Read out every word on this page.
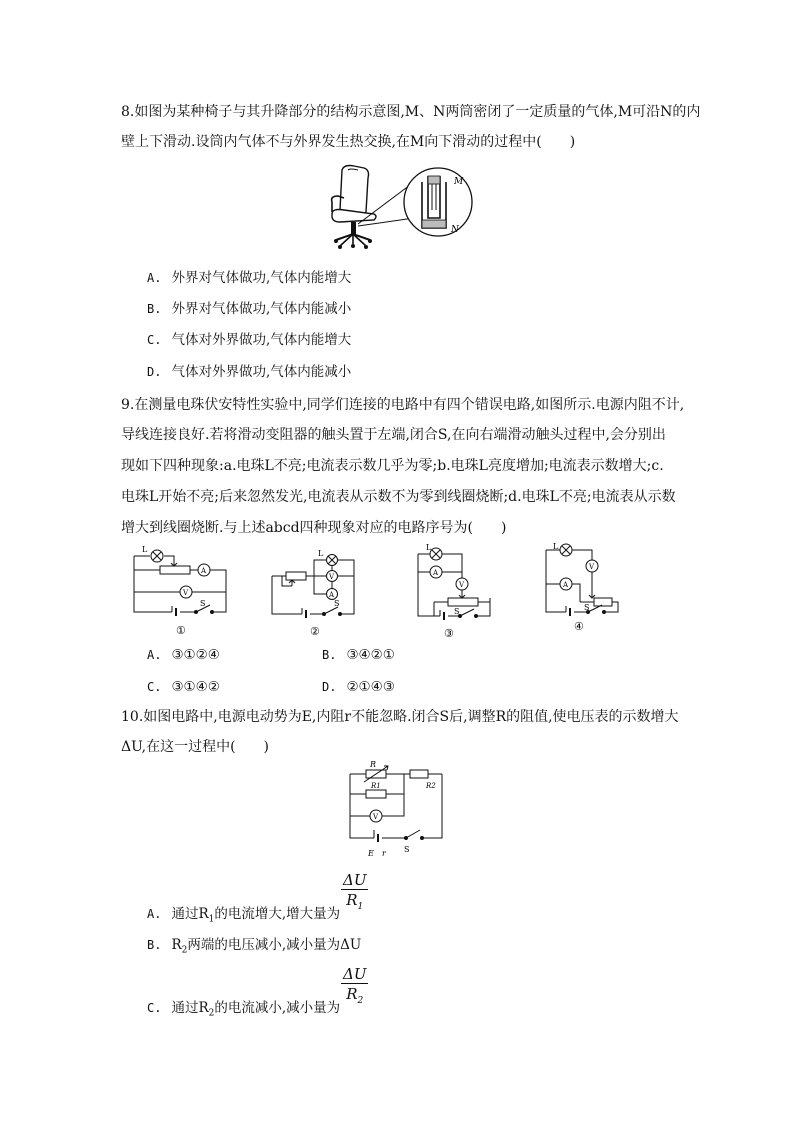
8.如图为某种椅子与其升降部分的结构示意图,M、N两筒密闭了一定质量的气体,M可沿N的内
壁上下滑动.设筒内气体不与外界发生热交换,在M向下滑动的过程中(　　)
M
N
A. 外界对气体做功,气体内能增大
B. 外界对气体做功,气体内能减小
C. 气体对外界做功,气体内能增大
D. 气体对外界做功,气体内能减小
9.在测量电珠伏安特性实验中,同学们连接的电路中有四个错误电路,如图所示.电源内阻不计,
导线连接良好.若将滑动变阻器的触头置于左端,闭合S,在向右端滑动触头过程中,会分别出
现如下四种现象:a.电珠L不亮;电流表示数几乎为零;b.电珠L亮度增加;电流表示数增大;c.
电珠L开始不亮;后来忽然发光,电流表从示数不为零到线圈烧断;d.电珠L不亮;电流表从示数
增大到线圈烧断.与上述abcd四种现象对应的电路序号为(　　)
L
A
V
S
①
L
V
A
S
②
L
A
V
S
③
L
A
V
S
④
A. ③①②④	B. ③④②①
C. ③①④②	D. ②①④③
10.如图电路中,电源电动势为E,内阻r不能忽略.闭合S后,调整R的阻值,使电压表的示数增大
ΔU,在这一过程中(　　)
R
R1	R2
V
E r S
$\frac{\Delta U}{R_1}$
A. 通过$R_1$的电流增大,增大量为
B. $R_2$两端的电压减小,减小量为ΔU
$\frac{\Delta U}{R_2}$
C. 通过$R_2$的电流减小,减小量为
